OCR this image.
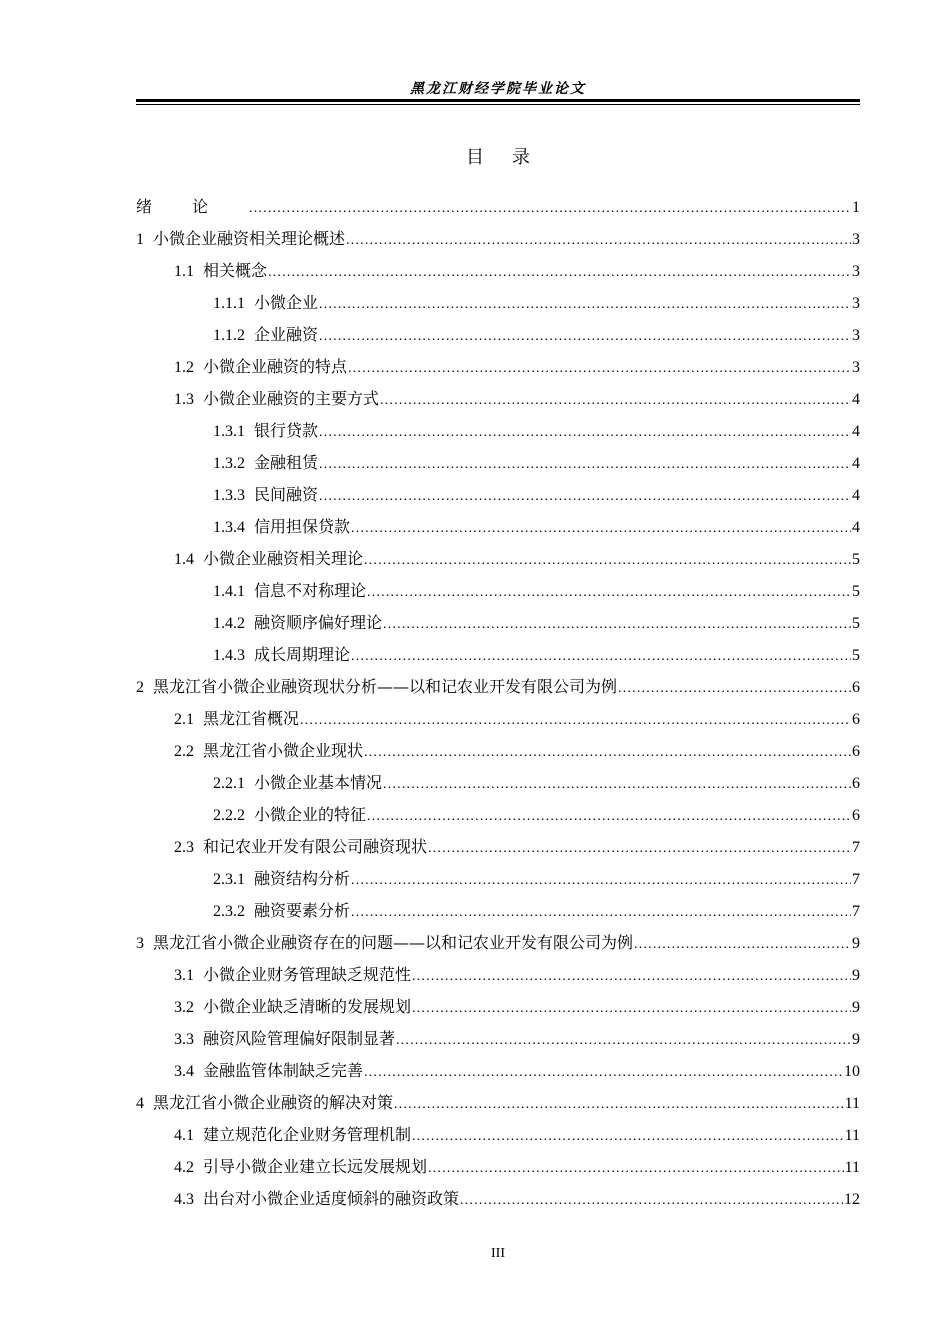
黑龙江财经学院毕业论文
目录
绪论 .....	1
1 小微企业融资相关理论概述 .....	3
1.1 相关概念 .....	3
1.1.1 小微企业 .....	3
1.1.2 企业融资 .....	3
1.2 小微企业融资的特点 .....	3
1.3 小微企业融资的主要方式 .....	4
1.3.1 银行贷款 .....	4
1.3.2 金融租赁 .....	4
1.3.3 民间融资 .....	4
1.3.4 信用担保贷款 .....	4
1.4 小微企业融资相关理论 .....	5
1.4.1 信息不对称理论 .....	5
1.4.2 融资顺序偏好理论 .....	5
1.4.3 成长周期理论 .....	5
2 黑龙江省小微企业融资现状分析——以和记农业开发有限公司为例 .....	6
2.1 黑龙江省概况 .....	6
2.2 黑龙江省小微企业现状 .....	6
2.2.1 小微企业基本情况 .....	6
2.2.2 小微企业的特征 .....	6
2.3 和记农业开发有限公司融资现状 .....	7
2.3.1 融资结构分析 .....	7
2.3.2 融资要素分析 .....	7
3 黑龙江省小微企业融资存在的问题——以和记农业开发有限公司为例 .....	9
3.1 小微企业财务管理缺乏规范性 .....	9
3.2 小微企业缺乏清晰的发展规划 .....	9
3.3 融资风险管理偏好限制显著 .....	9
3.4 金融监管体制缺乏完善 .....	10
4 黑龙江省小微企业融资的解决对策 .....	11
4.1 建立规范化企业财务管理机制 .....	11
4.2 引导小微企业建立长远发展规划 .....	11
4.3 出台对小微企业适度倾斜的融资政策 .....	12
III
